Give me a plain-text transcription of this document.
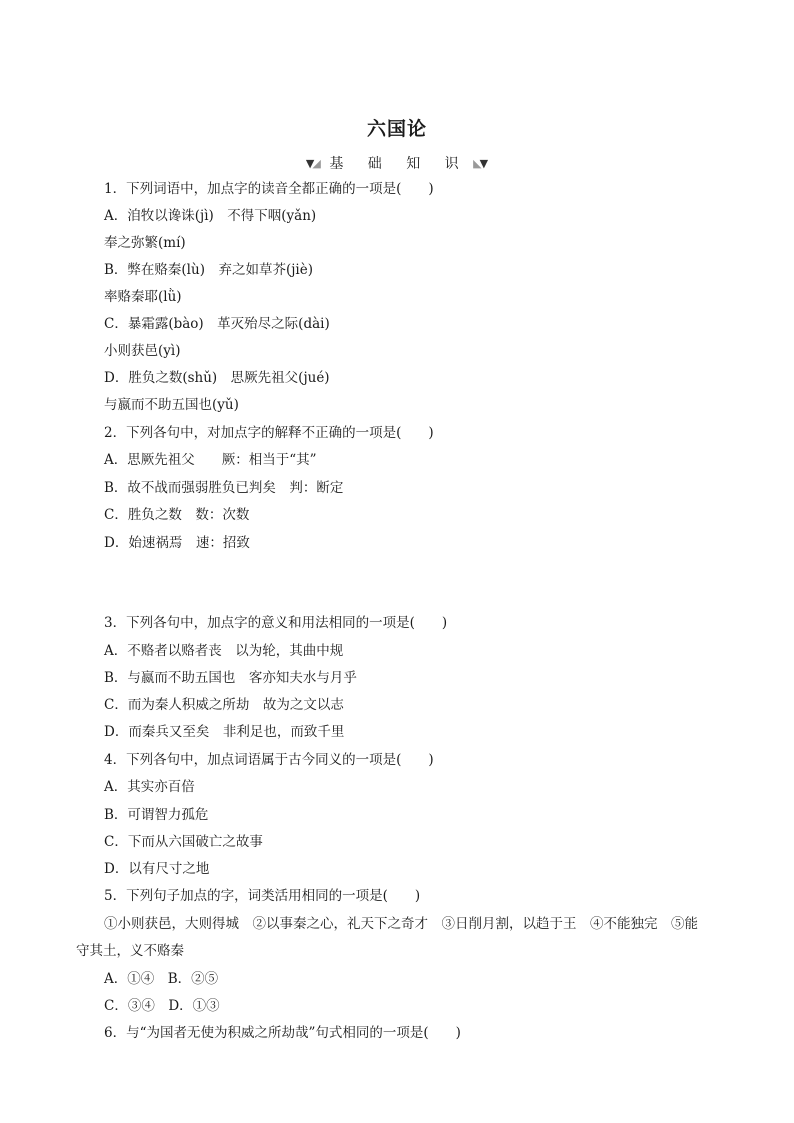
六国论
▼◢ 基 础 知 识 ◣▼
1．下列词语中，加点字的读音全都正确的一项是(　　)
A．洎牧以谗诛(jì)　不得下咽(yǎn)
奉之弥繁(mí)
B．弊在赂秦(lù)　弃之如草芥(jiè)
率赂秦耶(lǜ)
C．暴霜露(bào)　革灭殆尽之际(dài)
小则获邑(yì)
D．胜负之数(shǔ)　思厥先祖父(jué)
与嬴而不助五国也(yǔ)
2．下列各句中，对加点字的解释不正确的一项是(　　)
A．思厥先祖父　　厥：相当于“其”
B．故不战而强弱胜负已判矣　判：断定
C．胜负之数　数：次数
D．始速祸焉　速：招致
3．下列各句中，加点字的意义和用法相同的一项是(　　)
A．不赂者以赂者丧　以为轮，其曲中规
B．与嬴而不助五国也　客亦知夫水与月乎
C．而为秦人积威之所劫　故为之文以志
D．而秦兵又至矣　非利足也，而致千里
4．下列各句中，加点词语属于古今同义的一项是(　　)
A．其实亦百倍
B．可谓智力孤危
C．下而从六国破亡之故事
D．以有尺寸之地
5．下列句子加点的字，词类活用相同的一项是(　　)
①小则获邑，大则得城　②以事秦之心，礼天下之奇才　③日削月割，以趋于王　④不能独完　⑤能
守其土，义不赂秦
A．①④　B．②⑤
C．③④　D．①③
6．与“为国者无使为积威之所劫哉”句式相同的一项是(　　)
